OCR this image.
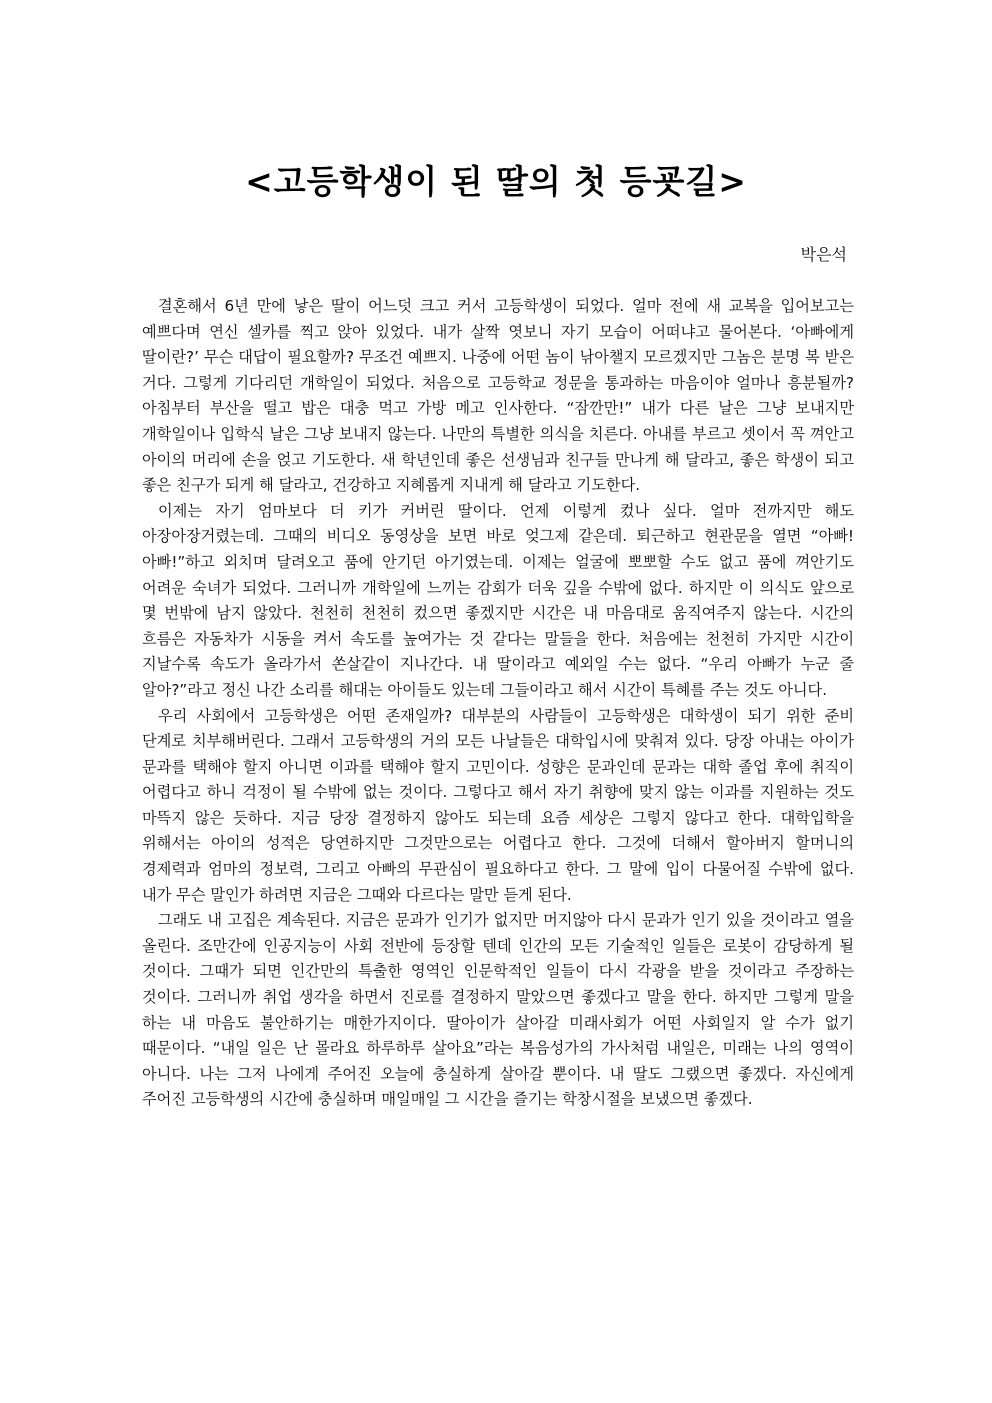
<고등학생이 된 딸의 첫 등굣길>
박은석

결혼해서 6년 만에 낳은 딸이 어느덧 크고 커서 고등학생이 되었다. 얼마 전에 새 교복을 입어보고는 예쁘다며 연신 셀카를 찍고 앉아 있었다. 내가 살짝 엿보니 자기 모습이 어떠냐고 물어본다. ‘아빠에게 딸이란?’ 무슨 대답이 필요할까? 무조건 예쁘지. 나중에 어떤 놈이 낚아챌지 모르겠지만 그놈은 분명 복 받은 거다. 그렇게 기다리던 개학일이 되었다. 처음으로 고등학교 정문을 통과하는 마음이야 얼마나 흥분될까? 아침부터 부산을 떨고 밥은 대충 먹고 가방 메고 인사한다. “잠깐만!” 내가 다른 날은 그냥 보내지만 개학일이나 입학식 날은 그냥 보내지 않는다. 나만의 특별한 의식을 치른다. 아내를 부르고 셋이서 꼭 껴안고 아이의 머리에 손을 얹고 기도한다. 새 학년인데 좋은 선생님과 친구들 만나게 해 달라고, 좋은 학생이 되고 좋은 친구가 되게 해 달라고, 건강하고 지혜롭게 지내게 해 달라고 기도한다.

이제는 자기 엄마보다 더 키가 커버린 딸이다. 언제 이렇게 컸나 싶다. 얼마 전까지만 해도 아장아장거렸는데. 그때의 비디오 동영상을 보면 바로 엊그제 같은데. 퇴근하고 현관문을 열면 “아빠! 아빠!”하고 외치며 달려오고 품에 안기던 아기였는데. 이제는 얼굴에 뽀뽀할 수도 없고 품에 껴안기도 어려운 숙녀가 되었다. 그러니까 개학일에 느끼는 감회가 더욱 깊을 수밖에 없다. 하지만 이 의식도 앞으로 몇 번밖에 남지 않았다. 천천히 천천히 컸으면 좋겠지만 시간은 내 마음대로 움직여주지 않는다. 시간의 흐름은 자동차가 시동을 켜서 속도를 높여가는 것 같다는 말들을 한다. 처음에는 천천히 가지만 시간이 지날수록 속도가 올라가서 쏜살같이 지나간다. 내 딸이라고 예외일 수는 없다. “우리 아빠가 누군 줄 알아?”라고 정신 나간 소리를 해대는 아이들도 있는데 그들이라고 해서 시간이 특혜를 주는 것도 아니다.

우리 사회에서 고등학생은 어떤 존재일까? 대부분의 사람들이 고등학생은 대학생이 되기 위한 준비 단계로 치부해버린다. 그래서 고등학생의 거의 모든 나날들은 대학입시에 맞춰져 있다. 당장 아내는 아이가 문과를 택해야 할지 아니면 이과를 택해야 할지 고민이다. 성향은 문과인데 문과는 대학 졸업 후에 취직이 어렵다고 하니 걱정이 될 수밖에 없는 것이다. 그렇다고 해서 자기 취향에 맞지 않는 이과를 지원하는 것도 마뜩지 않은 듯하다. 지금 당장 결정하지 않아도 되는데 요즘 세상은 그렇지 않다고 한다. 대학입학을 위해서는 아이의 성적은 당연하지만 그것만으로는 어렵다고 한다. 그것에 더해서 할아버지 할머니의 경제력과 엄마의 정보력, 그리고 아빠의 무관심이 필요하다고 한다. 그 말에 입이 다물어질 수밖에 없다. 내가 무슨 말인가 하려면 지금은 그때와 다르다는 말만 듣게 된다.

그래도 내 고집은 계속된다. 지금은 문과가 인기가 없지만 머지않아 다시 문과가 인기 있을 것이라고 열을 올린다. 조만간에 인공지능이 사회 전반에 등장할 텐데 인간의 모든 기술적인 일들은 로봇이 감당하게 될 것이다. 그때가 되면 인간만의 특출한 영역인 인문학적인 일들이 다시 각광을 받을 것이라고 주장하는 것이다. 그러니까 취업 생각을 하면서 진로를 결정하지 말았으면 좋겠다고 말을 한다. 하지만 그렇게 말을 하는 내 마음도 불안하기는 매한가지이다. 딸아이가 살아갈 미래사회가 어떤 사회일지 알 수가 없기 때문이다. “내일 일은 난 몰라요 하루하루 살아요”라는 복음성가의 가사처럼 내일은, 미래는 나의 영역이 아니다. 나는 그저 나에게 주어진 오늘에 충실하게 살아갈 뿐이다. 내 딸도 그랬으면 좋겠다. 자신에게 주어진 고등학생의 시간에 충실하며 매일매일 그 시간을 즐기는 학창시절을 보냈으면 좋겠다.
